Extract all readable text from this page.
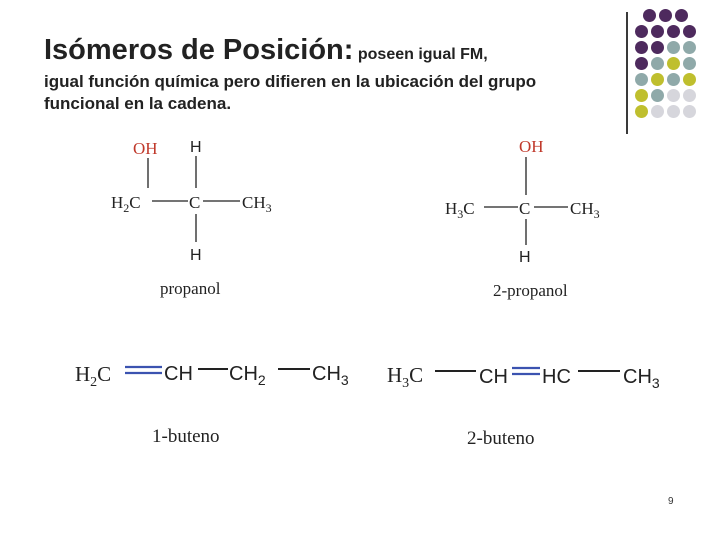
Isómeros de Posición: poseen igual FM,
igual función química pero difieren en la ubicación del grupo
funcional en la cadena.
OH H
$H_2C$	C $CH_3$
H
propanol
OH
$H_3C$	C $CH_3$
H
2-propanol
$H_2C$	CH $CH_2$ $CH_3$
1-buteno
$H_3C$	CH HC	$CH_3$
2-buteno
9
